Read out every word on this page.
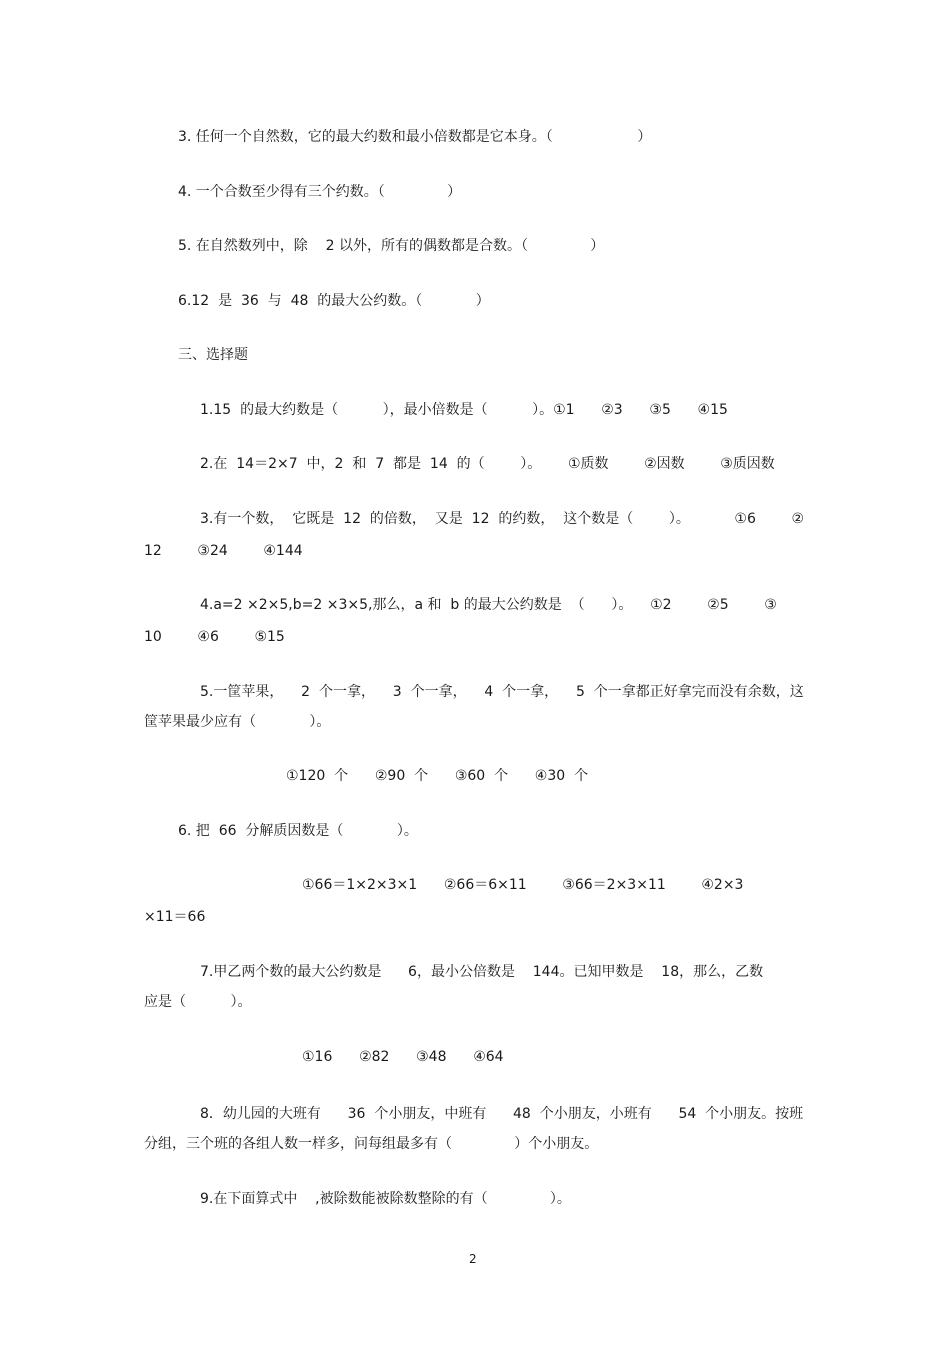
3. 任何一个自然数，它的最大约数和最小倍数都是它本身。（                   ）
4. 一个合数至少得有三个约数。（              ）
5. 在自然数列中，除    2 以外，所有的偶数都是合数。（              ）
6.12  是  36  与  48  的最大公约数。（            ）
三、选择题
1.15  的最大约数是（          ），最小倍数是（          ）。①1      ②3      ③5      ④15
2.在  14＝2×7  中，2  和  7  都是  14  的（        ）。      ①质数        ②因数        ③质因数
3.有一个数，  它既是  12  的倍数，  又是  12  的约数，  这个数是（        ）。          ①6        ②
12        ③24        ④144
4.a=2 ×2×5,b=2 ×3×5,那么，a 和  b 的最大公约数是  （      ）。    ①2        ②5        ③
10        ④6        ⑤15
5.一筐苹果，    2  个一拿，    3  个一拿，    4  个一拿，    5  个一拿都正好拿完而没有余数，这
筐苹果最少应有（            ）。
①120  个      ②90  个      ③60  个      ④30  个
6. 把  66  分解质因数是（            ）。
①66＝1×2×3×1      ②66＝6×11        ③66＝2×3×11        ④2×3
×11＝66
7.甲乙两个数的最大公约数是      6，最小公倍数是    144。已知甲数是    18，那么，乙数
应是（          ）。
①16      ②82      ③48      ④64
8．幼儿园的大班有      36  个小朋友，中班有      48  个小朋友，小班有      54  个小朋友。按班
分组，三个班的各组人数一样多，问每组最多有（              ）个小朋友。
9.在下面算式中    ,被除数能被除数整除的有（              ）。
2
